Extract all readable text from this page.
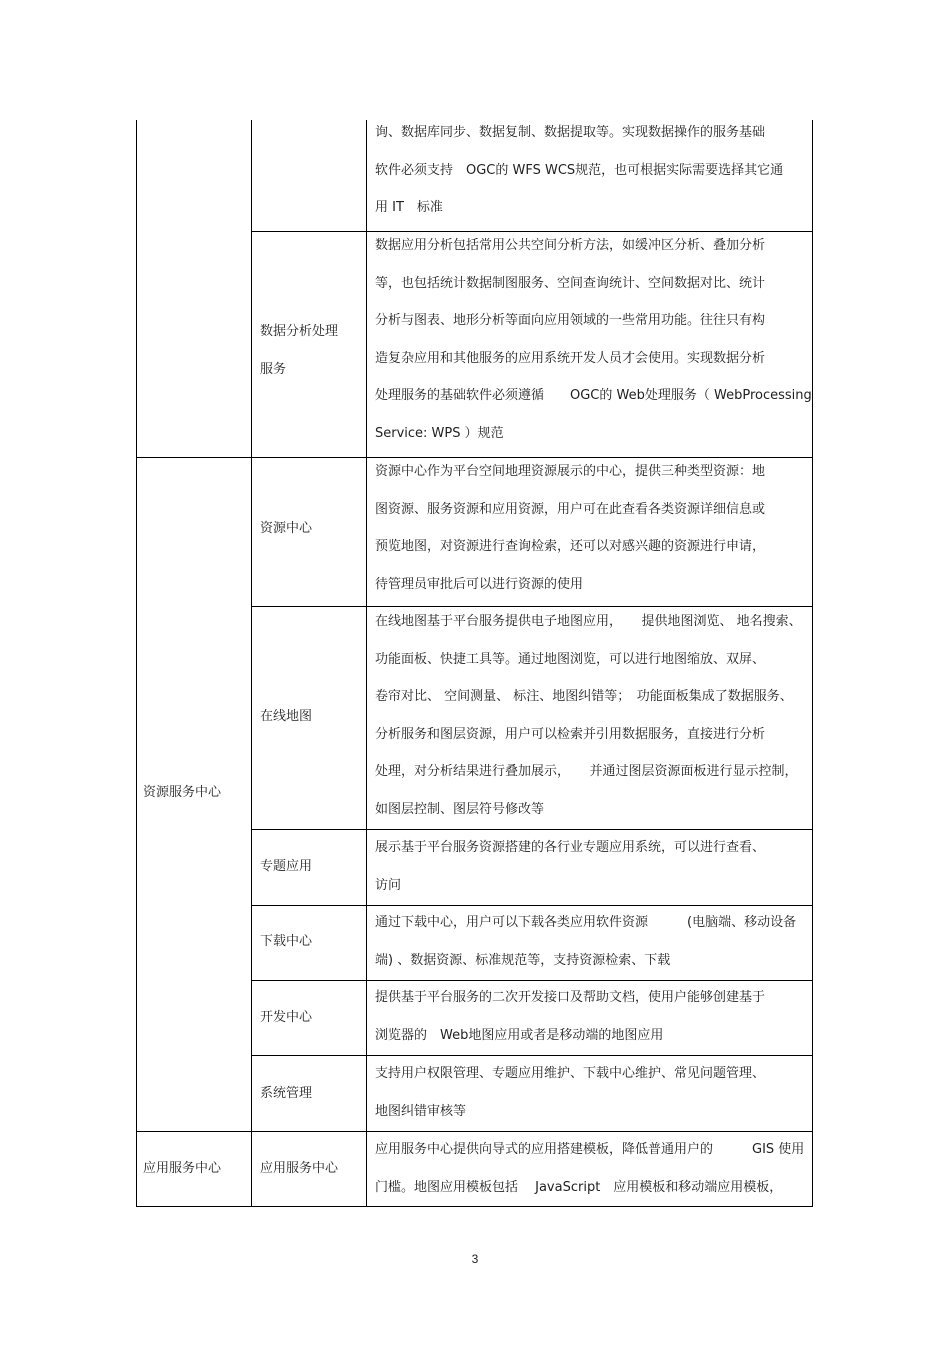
询、数据库同步、数据复制、数据提取等。实现数据操作的服务基础
软件必须支持　OGC的 WFS WCS规范，也可根据实际需要选择其它通
用 IT　标准
数据分析处理
服务
数据应用分析包括常用公共空间分析方法，如缓冲区分析、叠加分析
等，也包括统计数据制图服务、空间查询统计、空间数据对比、统计
分析与图表、地形分析等面向应用领域的一些常用功能。往往只有构
造复杂应用和其他服务的应用系统开发人员才会使用。实现数据分析
处理服务的基础软件必须遵循　　OGC的 Web处理服务（ WebProcessing
Service: WPS ）规范
资源服务中心
资源中心
资源中心作为平台空间地理资源展示的中心，提供三种类型资源：地
图资源、服务资源和应用资源，用户可在此查看各类资源详细信息或
预览地图，对资源进行查询检索，还可以对感兴趣的资源进行申请，
待管理员审批后可以进行资源的使用
在线地图
在线地图基于平台服务提供电子地图应用，　　提供地图浏览、 地名搜索、
功能面板、快捷工具等。通过地图浏览，可以进行地图缩放、双屏、
卷帘对比、 空间测量、 标注、地图纠错等；　功能面板集成了数据服务、
分析服务和图层资源，用户可以检索并引用数据服务，直接进行分析
处理，对分析结果进行叠加展示，　　并通过图层资源面板进行显示控制，
如图层控制、图层符号修改等
专题应用
展示基于平台服务资源搭建的各行业专题应用系统，可以进行查看、
访问
下载中心
通过下载中心，用户可以下载各类应用软件资源　　　(电脑端、移动设备
端) 、数据资源、标准规范等，支持资源检索、下载
开发中心
提供基于平台服务的二次开发接口及帮助文档，使用户能够创建基于
浏览器的　Web地图应用或者是移动端的地图应用
系统管理
支持用户权限管理、专题应用维护、下载中心维护、常见问题管理、
地图纠错审核等
应用服务中心	应用服务中心
应用服务中心提供向导式的应用搭建模板，降低普通用户的　　　GIS 使用
门槛。地图应用模板包括　 JavaScript　应用模板和移动端应用模板，
3
